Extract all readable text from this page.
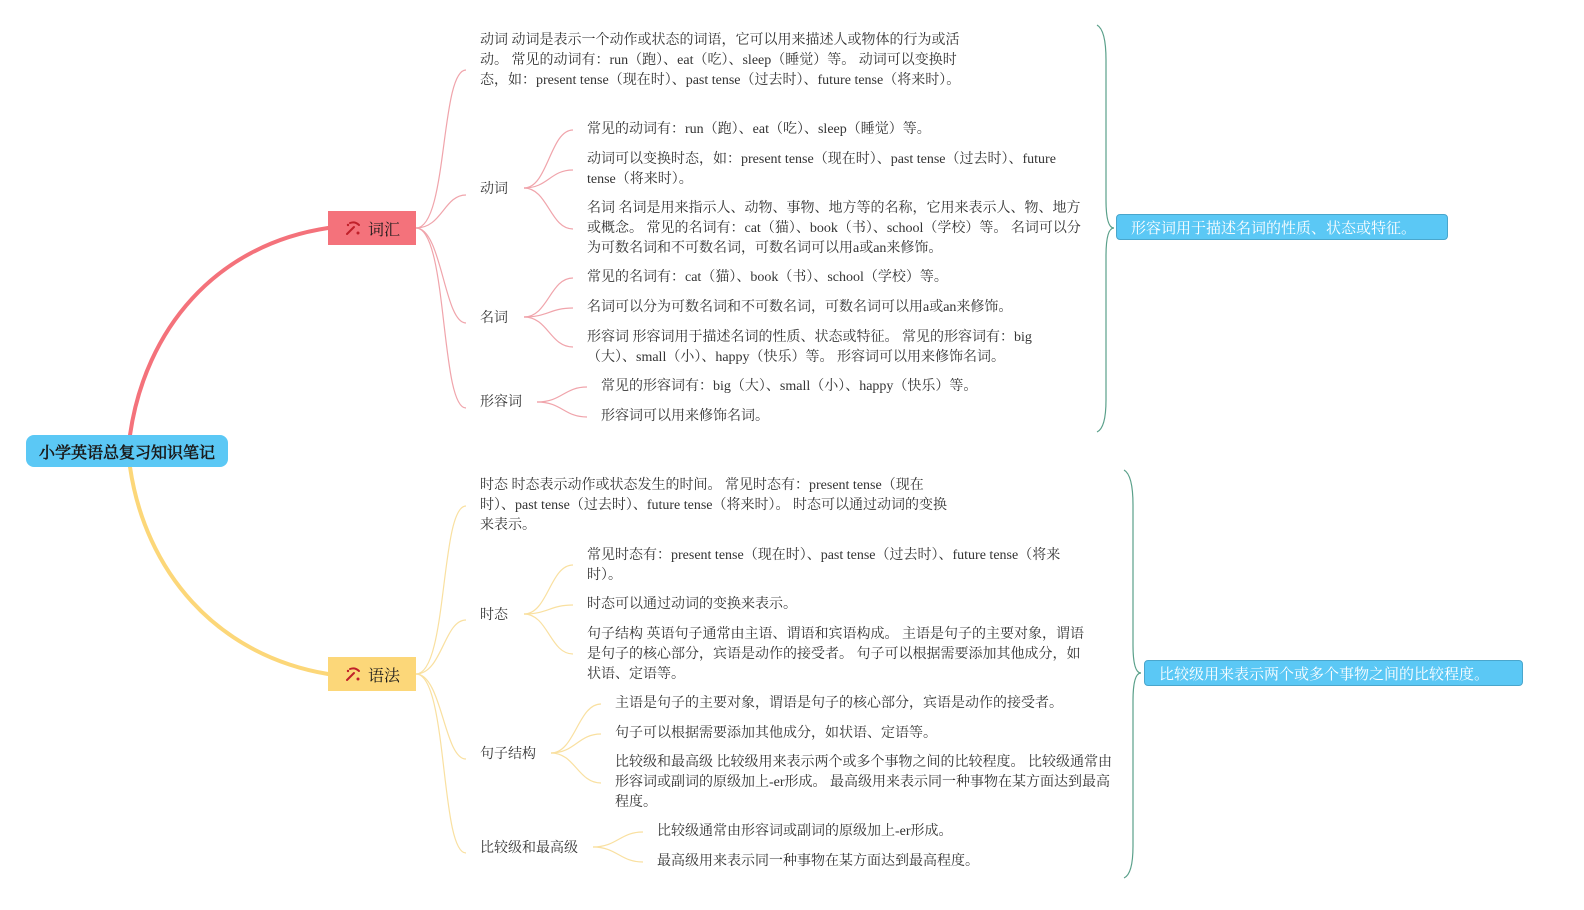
小学英语总复习知识笔记
词汇
语法
动词 动词是表示一个动作或状态的词语，它可以用来描述人或物体的行为或活动。 常见的动词有：run（跑）、eat（吃）、sleep（睡觉）等。 动词可以变换时态，如：present tense（现在时）、past tense（过去时）、future tense（将来时）。
动词
常见的动词有：run（跑）、eat（吃）、sleep（睡觉）等。
动词可以变换时态，如：present tense（现在时）、past tense（过去时）、future tense（将来时）。
名词 名词是用来指示人、动物、事物、地方等的名称，它用来表示人、物、地方或概念。 常见的名词有：cat（猫）、book（书）、school（学校）等。 名词可以分为可数名词和不可数名词，可数名词可以用a或an来修饰。
名词
常见的名词有：cat（猫）、book（书）、school（学校）等。
名词可以分为可数名词和不可数名词，可数名词可以用a或an来修饰。
形容词 形容词用于描述名词的性质、状态或特征。 常见的形容词有：big（大）、small（小）、happy（快乐）等。 形容词可以用来修饰名词。
形容词
常见的形容词有：big（大）、small（小）、happy（快乐）等。
形容词可以用来修饰名词。
时态 时态表示动作或状态发生的时间。 常见时态有：present tense（现在时）、past tense（过去时）、future tense（将来时）。 时态可以通过动词的变换来表示。
时态
常见时态有：present tense（现在时）、past tense（过去时）、future tense（将来时）。
时态可以通过动词的变换来表示。
句子结构 英语句子通常由主语、谓语和宾语构成。 主语是句子的主要对象，谓语是句子的核心部分，宾语是动作的接受者。 句子可以根据需要添加其他成分，如状语、定语等。
句子结构
主语是句子的主要对象，谓语是句子的核心部分，宾语是动作的接受者。
句子可以根据需要添加其他成分，如状语、定语等。
比较级和最高级 比较级用来表示两个或多个事物之间的比较程度。 比较级通常由形容词或副词的原级加上-er形成。 最高级用来表示同一种事物在某方面达到最高程度。
比较级和最高级
比较级通常由形容词或副词的原级加上-er形成。
最高级用来表示同一种事物在某方面达到最高程度。
形容词用于描述名词的性质、状态或特征。
比较级用来表示两个或多个事物之间的比较程度。
